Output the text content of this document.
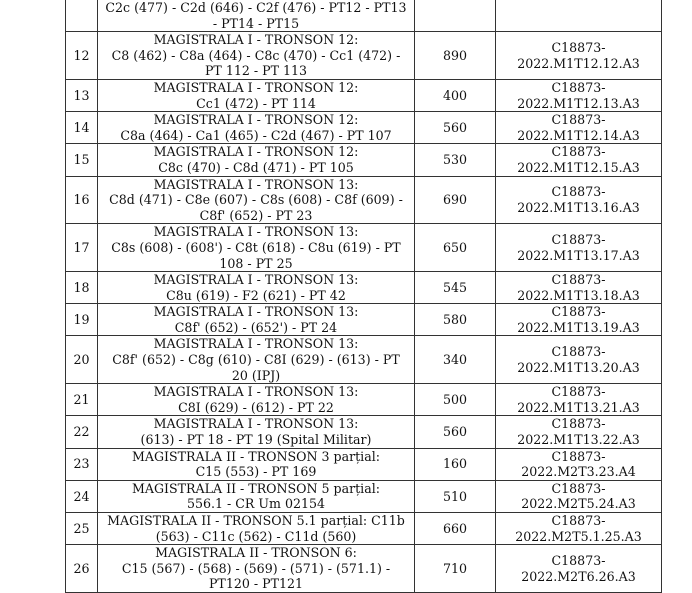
	C2c (477) - C2d (646) - C2f (476) - PT12 - PT13
- PT14 - PT15		

12	MAGISTRALA I - TRONSON 12:
C8 (462) - C8a (464) - C8c (470) - Cc1 (472) -
PT 112 - PT 113	890	C18873-2022.M1T12.12.A3
13	MAGISTRALA I - TRONSON 12:
Cc1 (472) - PT 114	400	C18873-2022.M1T12.13.A3
14	MAGISTRALA I - TRONSON 12:
C8a (464) - Ca1 (465) - C2d (467) - PT 107	560	C18873-2022.M1T12.14.A3
15	MAGISTRALA I - TRONSON 12:
C8c (470) - C8d (471) - PT 105	530	C18873-2022.M1T12.15.A3
16	MAGISTRALA I - TRONSON 13:
C8d (471) - C8e (607) - C8s (608) - C8f (609) -
C8f' (652) - PT 23	690	C18873-2022.M1T13.16.A3
17	MAGISTRALA I - TRONSON 13:
C8s (608) - (608') - C8t (618) - C8u (619) - PT
108 - PT 25	650	C18873-2022.M1T13.17.A3
18	MAGISTRALA I - TRONSON 13:
C8u (619) - F2 (621) - PT 42	545	C18873-2022.M1T13.18.A3
19	MAGISTRALA I - TRONSON 13:
C8f' (652) - (652') - PT 24	580	C18873-2022.M1T13.19.A3
20	MAGISTRALA I - TRONSON 13:
C8f' (652) - C8g (610) - C8I (629) - (613) - PT
20 (IPJ)	340	C18873-2022.M1T13.20.A3
21	MAGISTRALA I - TRONSON 13:
C8I (629) - (612) - PT 22	500	C18873-2022.M1T13.21.A3
22	MAGISTRALA I - TRONSON 13:
(613) - PT 18 - PT 19 (Spital Militar)	560	C18873-2022.M1T13.22.A3
23	MAGISTRALA II - TRONSON 3 parțial:
C15 (553) - PT 169	160	C18873-2022.M2T3.23.A4
24	MAGISTRALA II - TRONSON 5 parțial:
556.1 - CR Um 02154	510	C18873-2022.M2T5.24.A3
25	MAGISTRALA II - TRONSON 5.1 parțial: C11b
(563) - C11c (562) - C11d (560)	660	C18873-2022.M2T5.1.25.A3
26	MAGISTRALA II - TRONSON 6:
C15 (567) - (568) - (569) - (571) - (571.1) -
PT120 - PT121	710	C18873-2022.M2T6.26.A3
